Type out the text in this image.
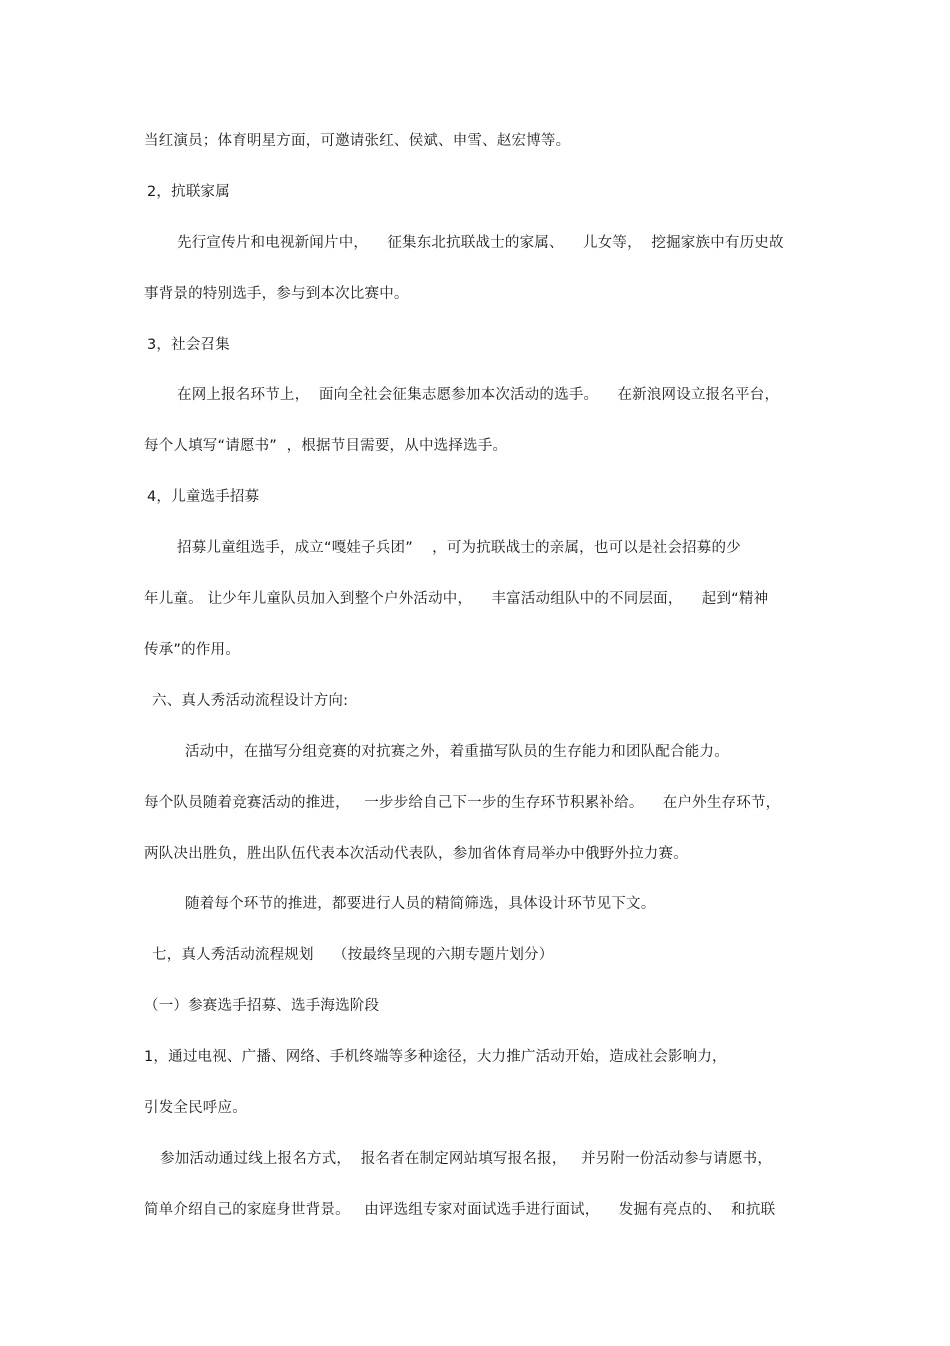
当红演员；体育明星方面，可邀请张红、侯斌、申雪、赵宏博等。
2，抗联家属
先行宣传片和电视新闻片中，    征集东北抗联战士的家属、    儿女等，  挖掘家族中有历史故
事背景的特别选手，参与到本次比赛中。
3，社会召集
在网上报名环节上，  面向全社会征集志愿参加本次活动的选手。    在新浪网设立报名平台，
每个人填写“请愿书”  ，根据节目需要，从中选择选手。
4，儿童选手招募
招募儿童组选手，成立“嘎娃子兵团”    ，可为抗联战士的亲属，也可以是社会招募的少
年儿童。 让少年儿童队员加入到整个户外活动中，    丰富活动组队中的不同层面，    起到“精神
传承”的作用。
六、真人秀活动流程设计方向:
活动中，在描写分组竞赛的对抗赛之外，着重描写队员的生存能力和团队配合能力。
每个队员随着竞赛活动的推进，   一步步给自己下一步的生存环节积累补给。    在户外生存环节，
两队决出胜负，胜出队伍代表本次活动代表队，参加省体育局举办中俄野外拉力赛。
随着每个环节的推进，都要进行人员的精简筛选，具体设计环节见下文。
七，真人秀活动流程规划    （按最终呈现的六期专题片划分）
（一）参赛选手招募、选手海选阶段
1，通过电视、广播、网络、手机终端等多种途径，大力推广活动开始，造成社会影响力，
引发全民呼应。
参加活动通过线上报名方式，  报名者在制定网站填写报名报，   并另附一份活动参与请愿书，
简单介绍自己的家庭身世背景。   由评选组专家对面试选手进行面试，    发掘有亮点的、  和抗联
